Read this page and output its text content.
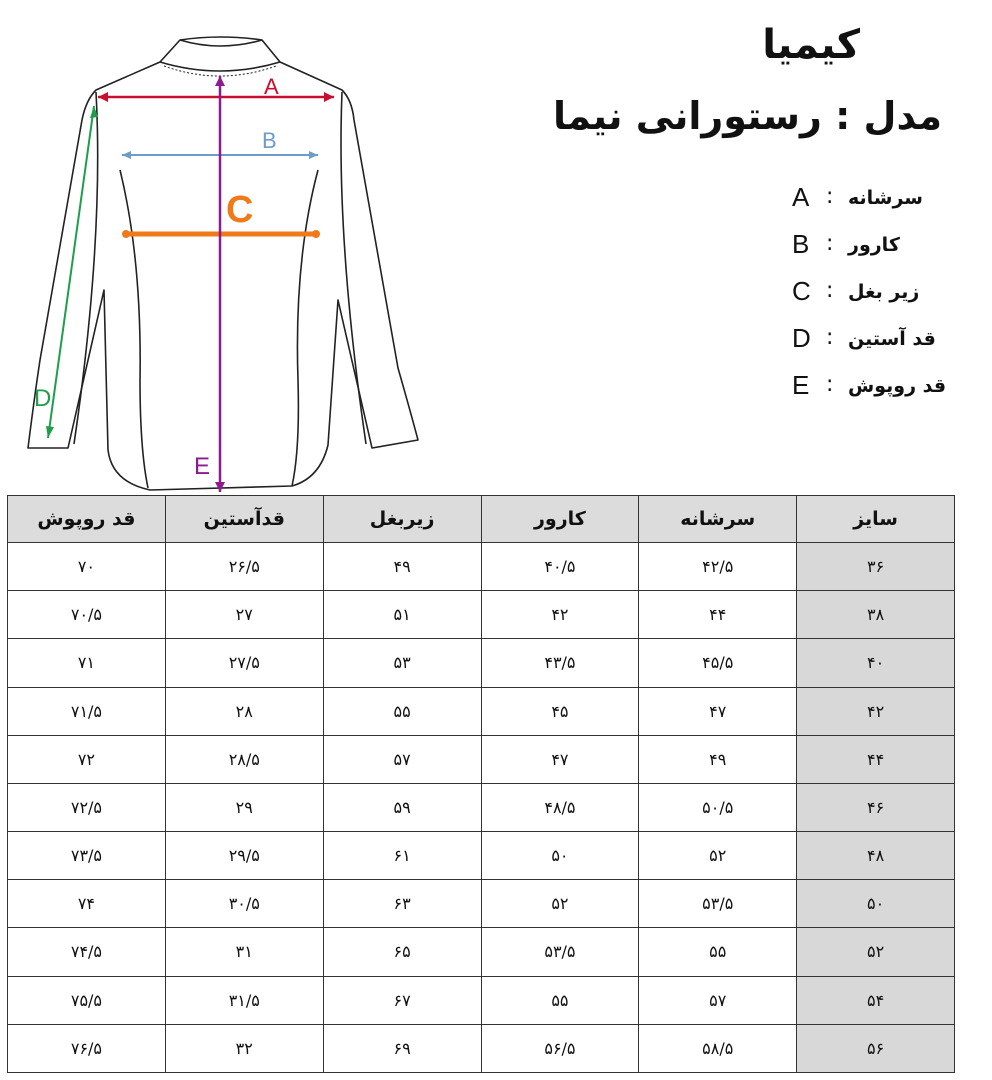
A
B
C
D
E
کیمیا
مدل : رستورانی نیما
A : سرشانه
B : کارور
C : زیر بغل
D : قد آستین
E : قد روپوش
سایز	سرشانه	کارور	زیربغل	قدآستین	قد روپوش
۳۶	۴۲/۵	۴۰/۵	۴۹	۲۶/۵	۷۰
۳۸	۴۴	۴۲	۵۱	۲۷	۷۰/۵
۴۰	۴۵/۵	۴۳/۵	۵۳	۲۷/۵	۷۱
۴۲	۴۷	۴۵	۵۵	۲۸	۷۱/۵
۴۴	۴۹	۴۷	۵۷	۲۸/۵	۷۲
۴۶	۵۰/۵	۴۸/۵	۵۹	۲۹	۷۲/۵
۴۸	۵۲	۵۰	۶۱	۲۹/۵	۷۳/۵
۵۰	۵۳/۵	۵۲	۶۳	۳۰/۵	۷۴
۵۲	۵۵	۵۳/۵	۶۵	۳۱	۷۴/۵
۵۴	۵۷	۵۵	۶۷	۳۱/۵	۷۵/۵
۵۶	۵۸/۵	۵۶/۵	۶۹	۳۲	۷۶/۵
